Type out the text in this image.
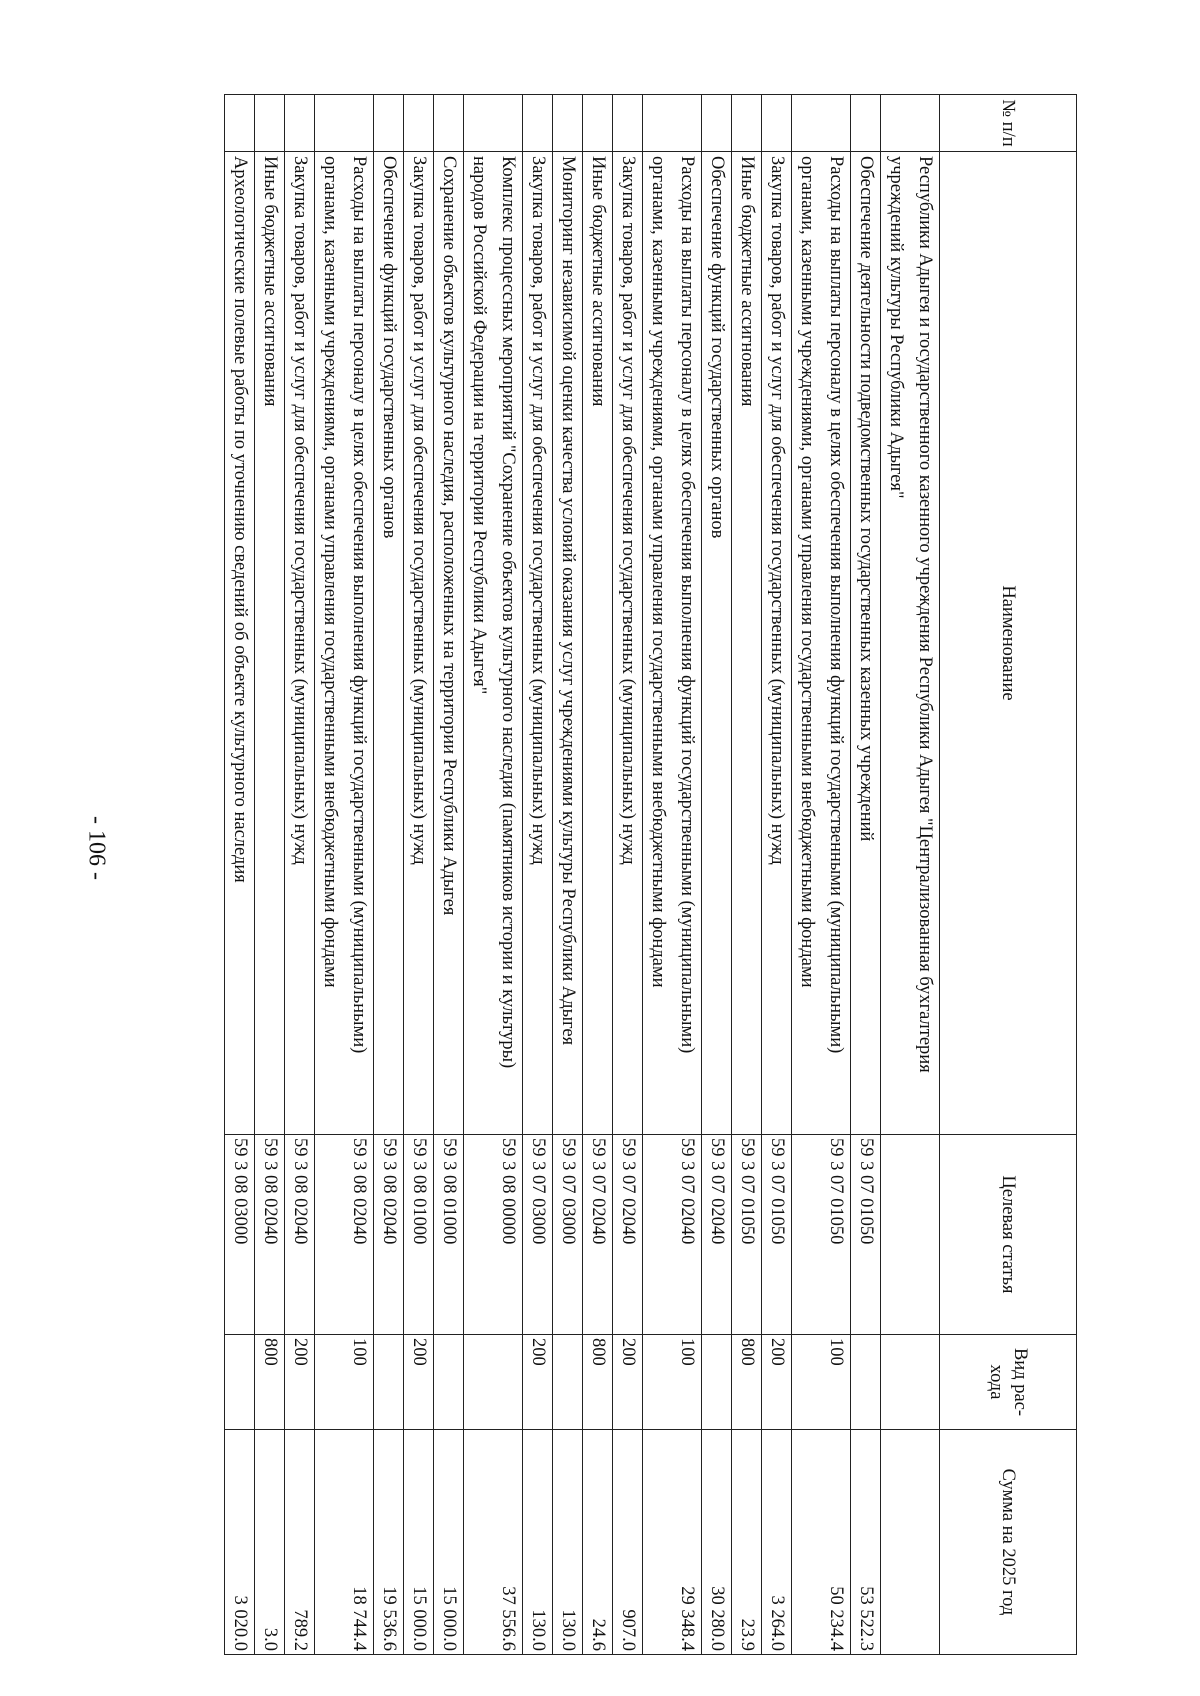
- 106 -
№ п/п	Наименование	Целевая статья	Вид рас- хода	Сумма на 2025 год
	Республики Адыгея и государственного казенного учреждения Республики Адыгея "Централизованная бухгалтерия учреждений культуры Республики Адыгея"			
	Обеспечение деятельности подведомственных государственных казенных учреждений	59 3 07 01050		53 522.3
	Расходы на выплаты персоналу в целях обеспечения выполнения функций государственными (муниципальными) органами, казенными учреждениями, органами управления государственными внебюджетными фондами	59 3 07 01050	100	50 234.4
	Закупка товаров, работ и услуг для обеспечения государственных (муниципальных) нужд	59 3 07 01050	200	3 264.0
	Иные бюджетные ассигнования	59 3 07 01050	800	23.9
	Обеспечение функций государственных органов	59 3 07 02040		30 280.0
	Расходы на выплаты персоналу в целях обеспечения выполнения функций государственными (муниципальными) органами, казенными учреждениями, органами управления государственными внебюджетными фондами	59 3 07 02040	100	29 348.4
	Закупка товаров, работ и услуг для обеспечения государственных (муниципальных) нужд	59 3 07 02040	200	907.0
	Иные бюджетные ассигнования	59 3 07 02040	800	24.6
	Мониторинг независимой оценки качества условий оказания услуг учреждениями культуры Республики Адыгея	59 3 07 03000		130.0
	Закупка товаров, работ и услуг для обеспечения государственных (муниципальных) нужд	59 3 07 03000	200	130.0
	Комплекс процессных мероприятий "Сохранение объектов культурного наследия (памятников истории и культуры) народов Российской Федерации на территории Республики Адыгея"	59 3 08 00000		37 556.6
	Сохранение объектов культурного наследия, расположенных на территории Республики Адыгея	59 3 08 01000		15 000.0
	Закупка товаров, работ и услуг для обеспечения государственных (муниципальных) нужд	59 3 08 01000	200	15 000.0
	Обеспечение функций государственных органов	59 3 08 02040		19 536.6
	Расходы на выплаты персоналу в целях обеспечения выполнения функций государственными (муниципальными) органами, казенными учреждениями, органами управления государственными внебюджетными фондами	59 3 08 02040	100	18 744.4
	Закупка товаров, работ и услуг для обеспечения государственных (муниципальных) нужд	59 3 08 02040	200	789.2
	Иные бюджетные ассигнования	59 3 08 02040	800	3.0
	Археологические полевые работы по уточнению сведений об объекте культурного наследия	59 3 08 03000		3 020.0
